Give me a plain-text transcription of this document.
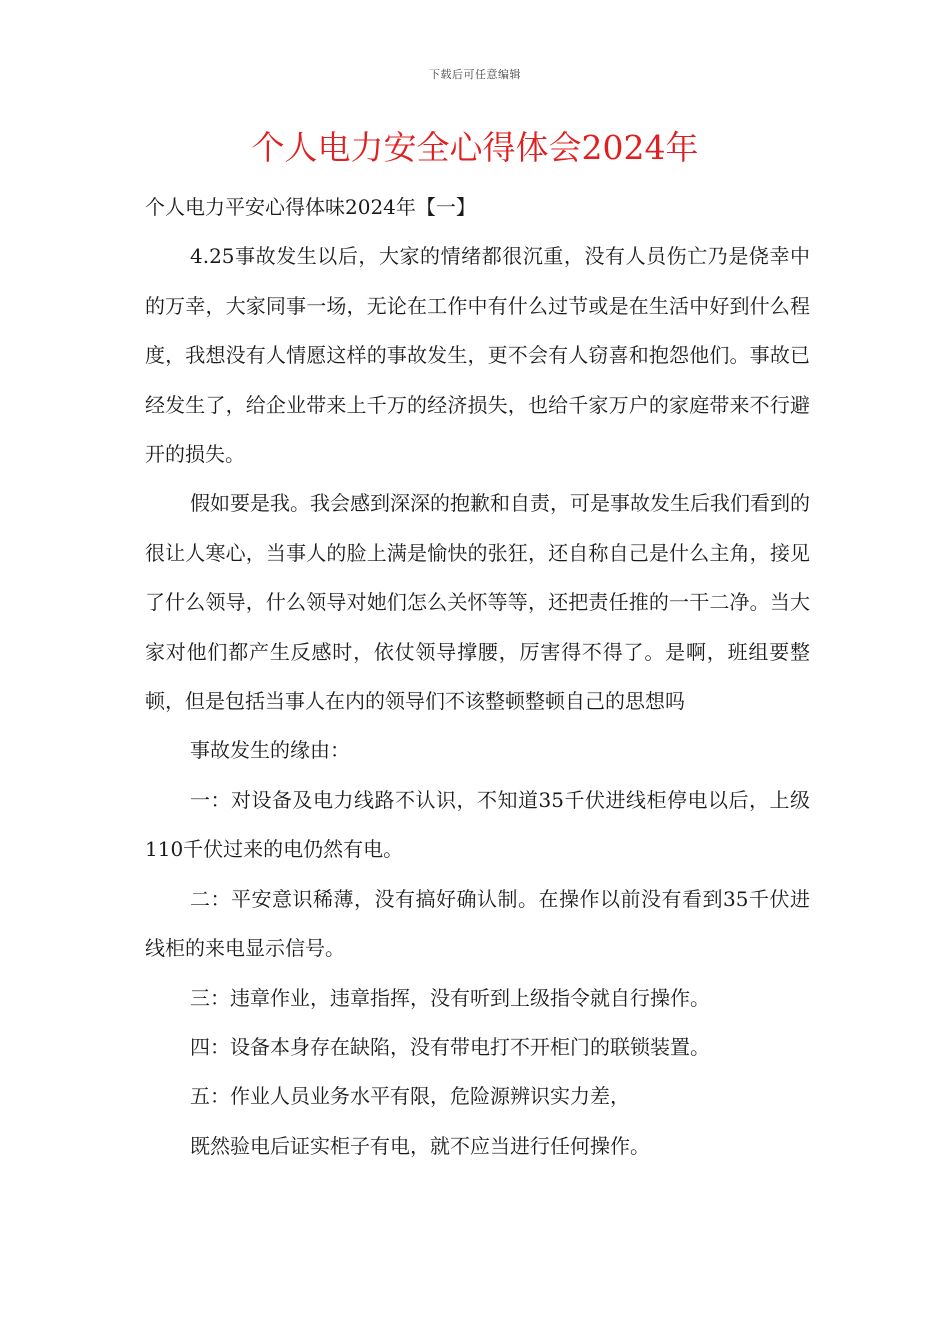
下载后可任意编辑
个人电力安全心得体会2024年

个人电力平安心得体味2024年【一】

4.25事故发生以后，大家的情绪都很沉重，没有人员伤亡乃是侥幸中的万幸，大家同事一场，无论在工作中有什么过节或是在生活中好到什么程度，我想没有人情愿这样的事故发生，更不会有人窃喜和抱怨他们。事故已经发生了，给企业带来上千万的经济损失，也给千家万户的家庭带来不行避开的损失。

假如要是我。我会感到深深的抱歉和自责，可是事故发生后我们看到的很让人寒心，当事人的脸上满是愉快的张狂，还自称自己是什么主角，接见了什么领导，什么领导对她们怎么关怀等等，还把责任推的一干二净。当大家对他们都产生反感时，依仗领导撑腰，厉害得不得了。是啊，班组要整顿，但是包括当事人在内的领导们不该整顿整顿自己的思想吗

事故发生的缘由：

一：对设备及电力线路不认识，不知道35千伏进线柜停电以后，上级110千伏过来的电仍然有电。

二：平安意识稀薄，没有搞好确认制。在操作以前没有看到35千伏进线柜的来电显示信号。

三：违章作业，违章指挥，没有听到上级指令就自行操作。

四：设备本身存在缺陷，没有带电打不开柜门的联锁装置。

五：作业人员业务水平有限，危险源辨识实力差，

既然验电后证实柜子有电，就不应当进行任何操作。
